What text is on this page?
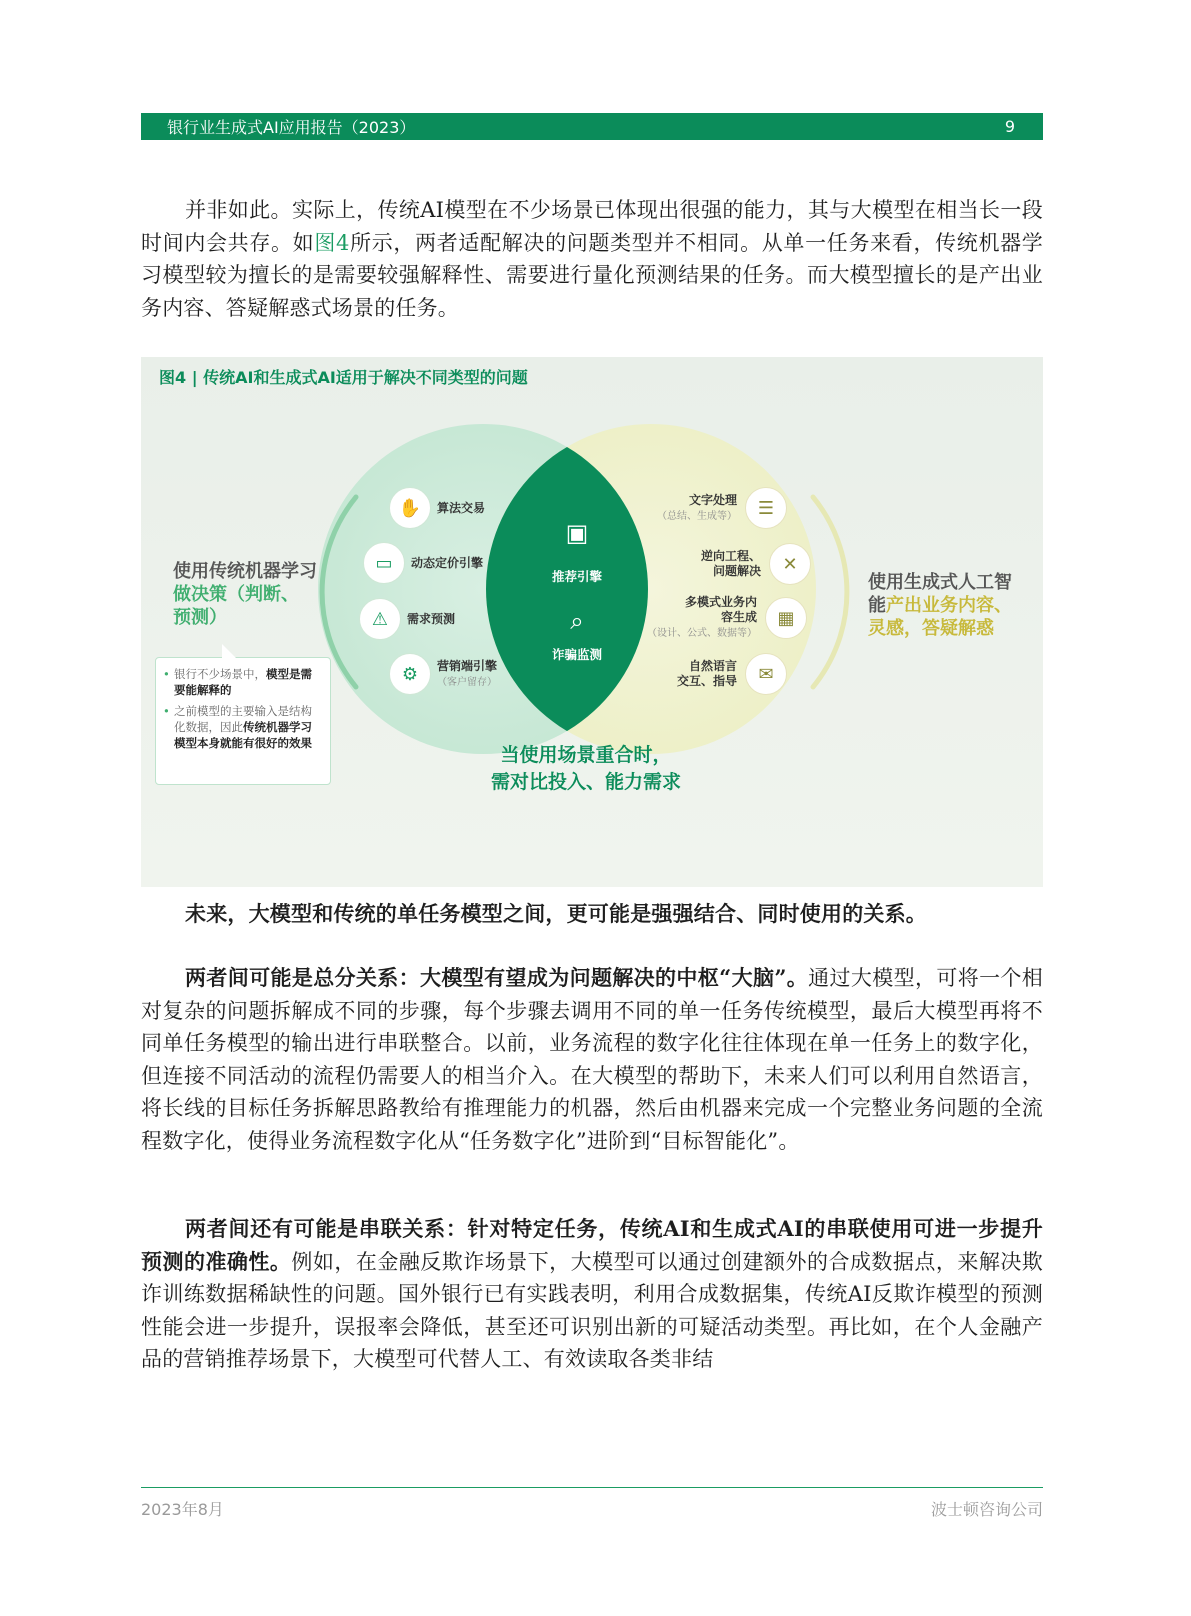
银行业生成式AI应用报告（2023）	9

并非如此。实际上，传统AI模型在不少场景已体现出很强的能力，其与大模型在相当长一段时间内会共存。如图4所示，两者适配解决的问题类型并不相同。从单一任务来看，传统机器学习模型较为擅长的是需要较强解释性、需要进行量化预测结果的任务。而大模型擅长的是产出业务内容、答疑解惑式场景的任务。

图4 | 传统AI和生成式AI适用于解决不同类型的问题
使用传统机器学习
做决策（判断、
预测）
• 银行不少场景中，模型是需要能解释的
• 之前模型的主要输入是结构化数据，因此传统机器学习模型本身就能有很好的效果
✋	算法交易
▭	动态定价引擎
⚠	需求预测
⚙	营销端引擎
（客户留存）
▣
推荐引擎
⌕
诈骗监测
文字处理
（总结、生成等）	☰
逆向工程、
问题解决	✕
多模式业务内
容生成
（设计、公式、数据等）
▦
自然语言
交互、指导	✉
使用生成式人工智
能产出业务内容、灵感，答疑解惑
当使用场景重合时，
需对比投入、能力需求

未来，大模型和传统的单任务模型之间，更可能是强强结合、同时使用的关系。

两者间可能是总分关系：大模型有望成为问题解决的中枢“大脑”。通过大模型，可将一个相对复杂的问题拆解成不同的步骤，每个步骤去调用不同的单一任务传统模型，最后大模型再将不同单任务模型的输出进行串联整合。以前，业务流程的数字化往往体现在单一任务上的数字化，但连接不同活动的流程仍需要人的相当介入。在大模型的帮助下，未来人们可以利用自然语言，将长线的目标任务拆解思路教给有推理能力的机器，然后由机器来完成一个完整业务问题的全流程数字化，使得业务流程数字化从“任务数字化”进阶到“目标智能化”。

两者间还有可能是串联关系：针对特定任务，传统AI和生成式AI的串联使用可进一步提升预测的准确性。例如，在金融反欺诈场景下，大模型可以通过创建额外的合成数据点，来解决欺诈训练数据稀缺性的问题。国外银行已有实践表明，利用合成数据集，传统AI反欺诈模型的预测性能会进一步提升，误报率会降低，甚至还可识别出新的可疑活动类型。再比如，在个人金融产品的营销推荐场景下，大模型可代替人工、有效读取各类非结

2023年8月	波士顿咨询公司
